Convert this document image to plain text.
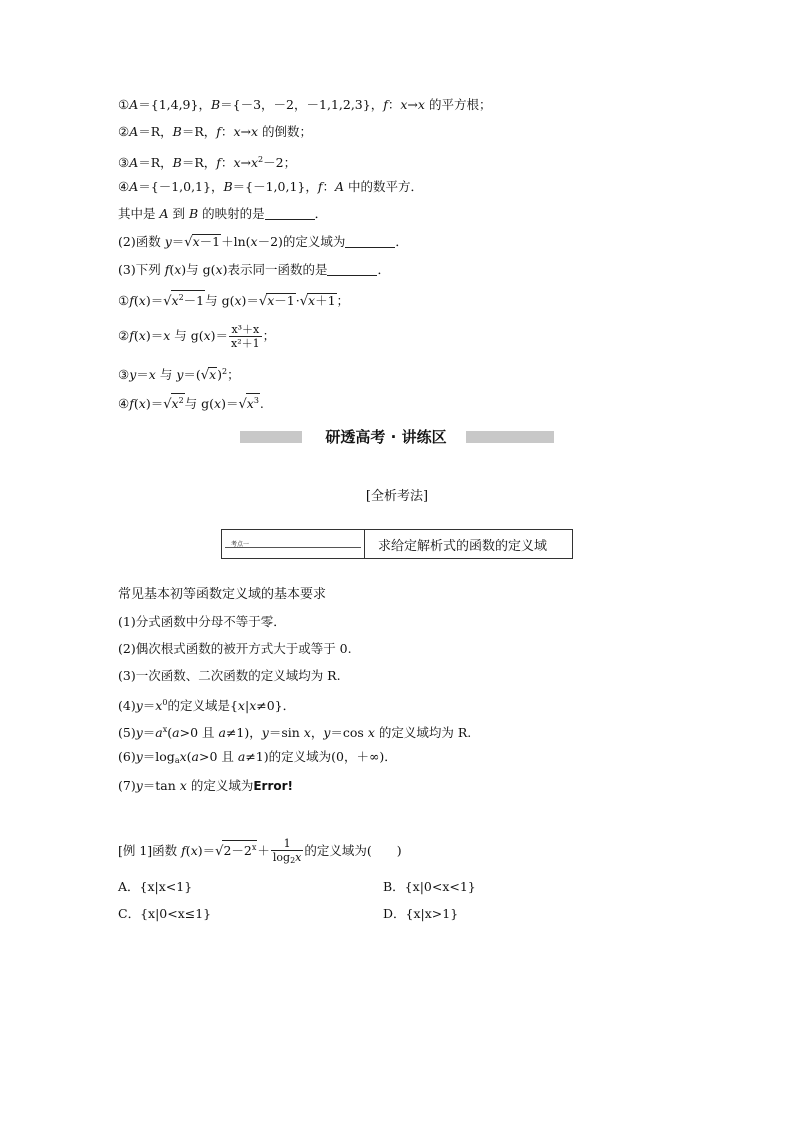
①A＝{1,4,9}，B＝{－3，－2，－1,1,2,3}，f：x→x 的平方根；
②A＝R，B＝R，f：x→x 的倒数；
③A＝R，B＝R，f：$x\to x^2-2$；
④A＝{－1,0,1}，B＝{－1,0,1}，f：A 中的数平方．
其中是 A 到 B 的映射的是	．
(2)函数 y＝√x－1＋ln(x－2)的定义域为	．
(3)下列 f(x)与 g(x)表示同一函数的是	．
$①f(x)=√x^2-1$与 g(x)＝√x－1·√x＋1；
②f(x)＝x 与 $g(x)= \frac{\text{x³＋x}}{\text{x²＋1}}$ ；
③y＝x 与 $y=(√x)^2$；
$④f(x)=√x^2$与 $g(x)=√x^3$.
研透高考 · 讲练区
[全析考法]
考点一	求给定解析式的函数的定义域
常见基本初等函数定义域的基本要求
(1)分式函数中分母不等于零．
(2)偶次根式函数的被开方式大于或等于 0.
(3)一次函数、二次函数的定义域均为 R.
$(4)y=x^0$的定义域是{x|x≠0}．
$(5)y=a^x(a>0$ 且 a≠1)，y＝sin x，y＝cos x 的定义域均为 R.
$(6)y=\log_ax(a>0$ 且 a≠1)的定义域为(0，＋∞)．
(7)y＝tan x 的定义域为Error!
[例 1]函数 $f(x)=√2-2^x+ \frac{1}{\log_2x}$ 的定义域为(　　)
A．{x|x<1}	B．{x|0<x<1}
C．{x|0<x≤1}	D．{x|x>1}
